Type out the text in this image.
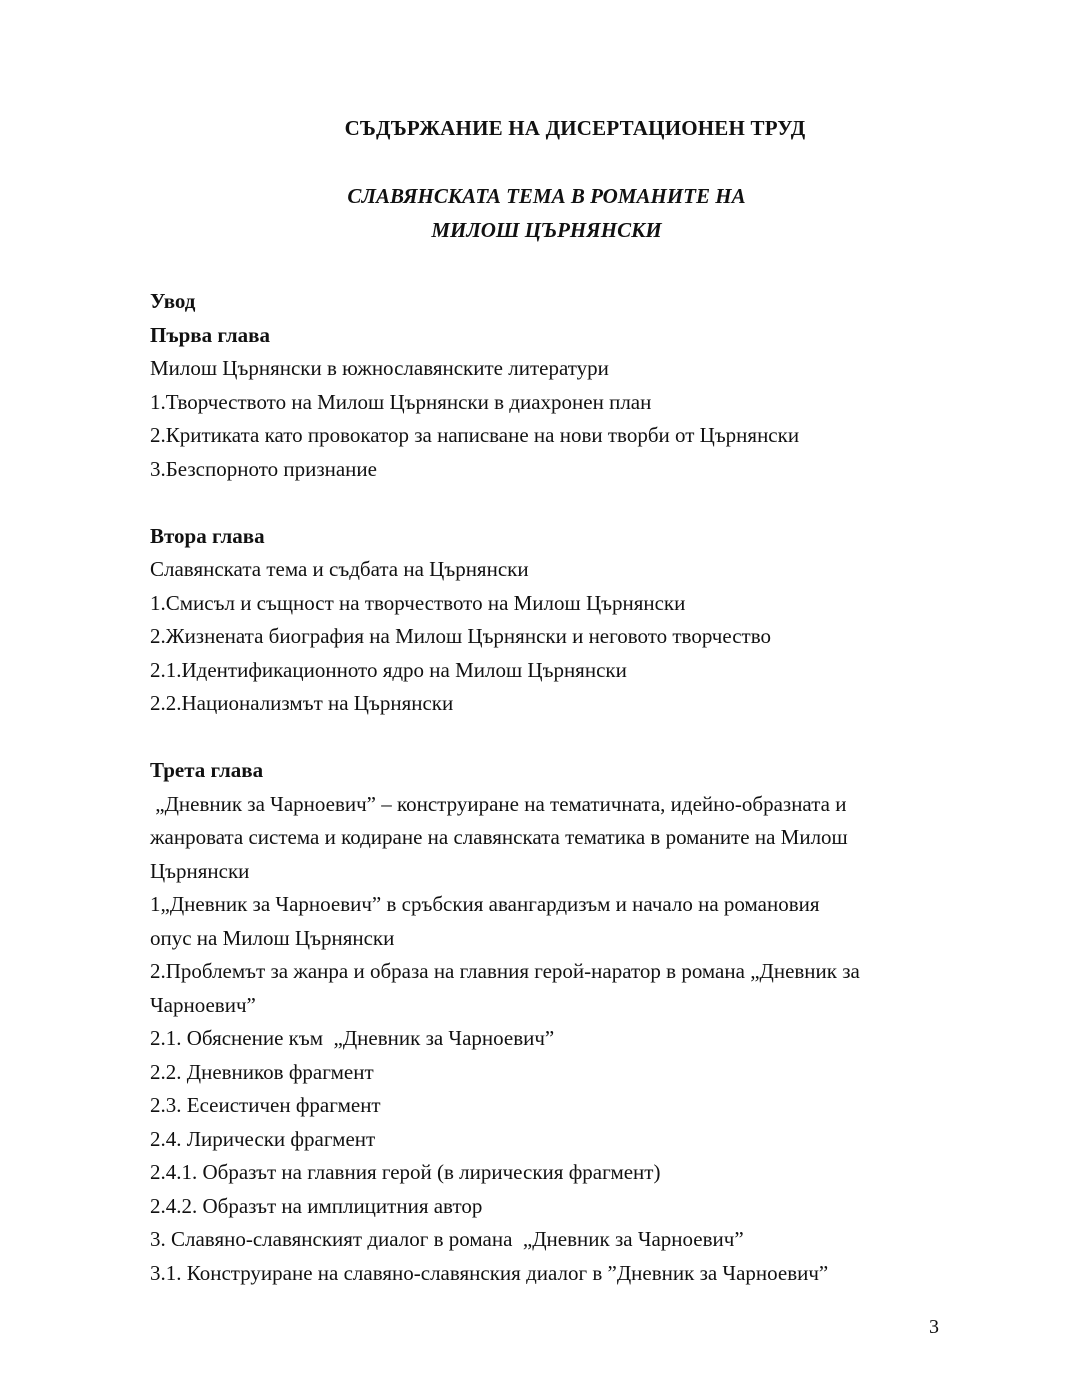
СЪДЪРЖАНИЕ НА ДИСЕРТАЦИОНЕН ТРУД
СЛАВЯНСКАТА ТЕМА В РОМАНИТЕ НА
МИЛОШ ЦЪРНЯНСКИ
Увод
Първа глава
Милош Църнянски в южнославянските литератури
1.Творчеството на Милош Църнянски в диахронен план
2.Критиката като провокатор за написване на нови творби от Църнянски
3.Безспорното признание
Втора глава
Славянската тема и съдбата на Църнянски
1.Смисъл и същност на творчеството на Милош Църнянски
2.Жизнената биография на Милош Църнянски и неговото творчество
2.1.Идентификационното ядро на Милош Църнянски
2.2.Национализмът на Църнянски
Трета глава
„Дневник за Чарноевич” – конструиране на тематичната, идейно-образната и
жанровата система и кодиране на славянската тематика в романите на Милош
Църнянски
1„Дневник за Чарноевич” в сръбския авангардизъм и начало на романовия
опус на Милош Църнянски
2.Проблемът за жанра и образа на главния герой-наратор в романа „Дневник за
Чарноевич”
2.1. Обяснение към  „Дневник за Чарноевич”
2.2. Дневников фрагмент
2.3. Есеистичен фрагмент
2.4. Лирически фрагмент
2.4.1. Образът на главния герой (в лирическия фрагмент)
2.4.2. Образът на имплицитния автор
3. Славяно-славянският диалог в романа  „Дневник за Чарноевич”
3.1. Конструиране на славяно-славянския диалог в ”Дневник за Чарноевич”
3
